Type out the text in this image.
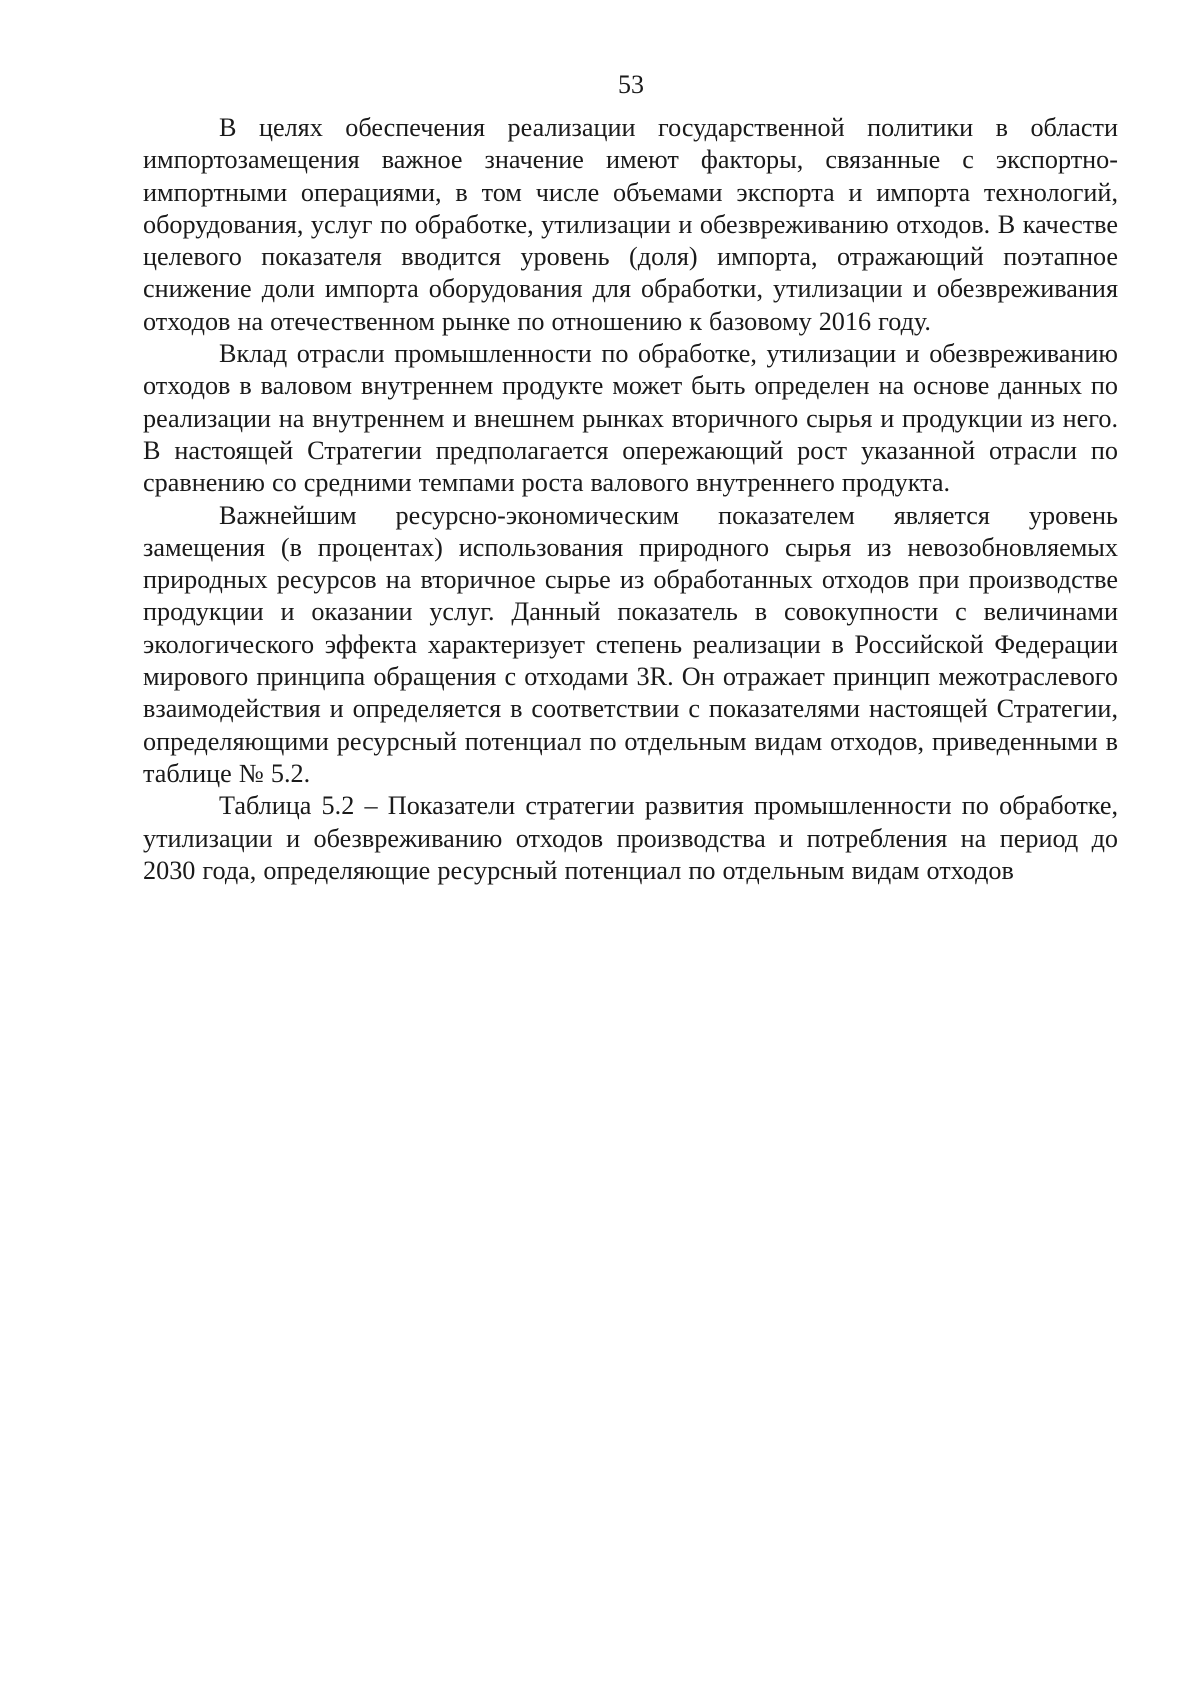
53

В целях обеспечения реализации государственной политики в области импортозамещения важное значение имеют факторы, связанные с экспортно-импортными операциями, в том числе объемами экспорта и импорта технологий, оборудования, услуг по обработке, утилизации и обезвреживанию отходов. В качестве целевого показателя вводится уровень (доля) импорта, отражающий поэтапное снижение доли импорта оборудования для обработки, утилизации и обезвреживания отходов на отечественном рынке по отношению к базовому 2016 году.

Вклад отрасли промышленности по обработке, утилизации и обезвреживанию отходов в валовом внутреннем продукте может быть определен на основе данных по реализации на внутреннем и внешнем рынках вторичного сырья и продукции из него. В настоящей Стратегии предполагается опережающий рост указанной отрасли по сравнению со средними темпами роста валового внутреннего продукта.

Важнейшим ресурсно-экономическим показателем является уровень замещения (в процентах) использования природного сырья из невозобновляемых природных ресурсов на вторичное сырье из обработанных отходов при производстве продукции и оказании услуг. Данный показатель в совокупности с величинами экологического эффекта характеризует степень реализации в Российской Федерации мирового принципа обращения с отходами 3R. Он отражает принцип межотраслевого взаимодействия и определяется в соответствии с показателями настоящей Стратегии, определяющими ресурсный потенциал по отдельным видам отходов, приведенными в таблице № 5.2.

Таблица 5.2 – Показатели стратегии развития промышленности по обработке, утилизации и обезвреживанию отходов производства и потребления на период до 2030 года, определяющие ресурсный потенциал по отдельным видам отходов
